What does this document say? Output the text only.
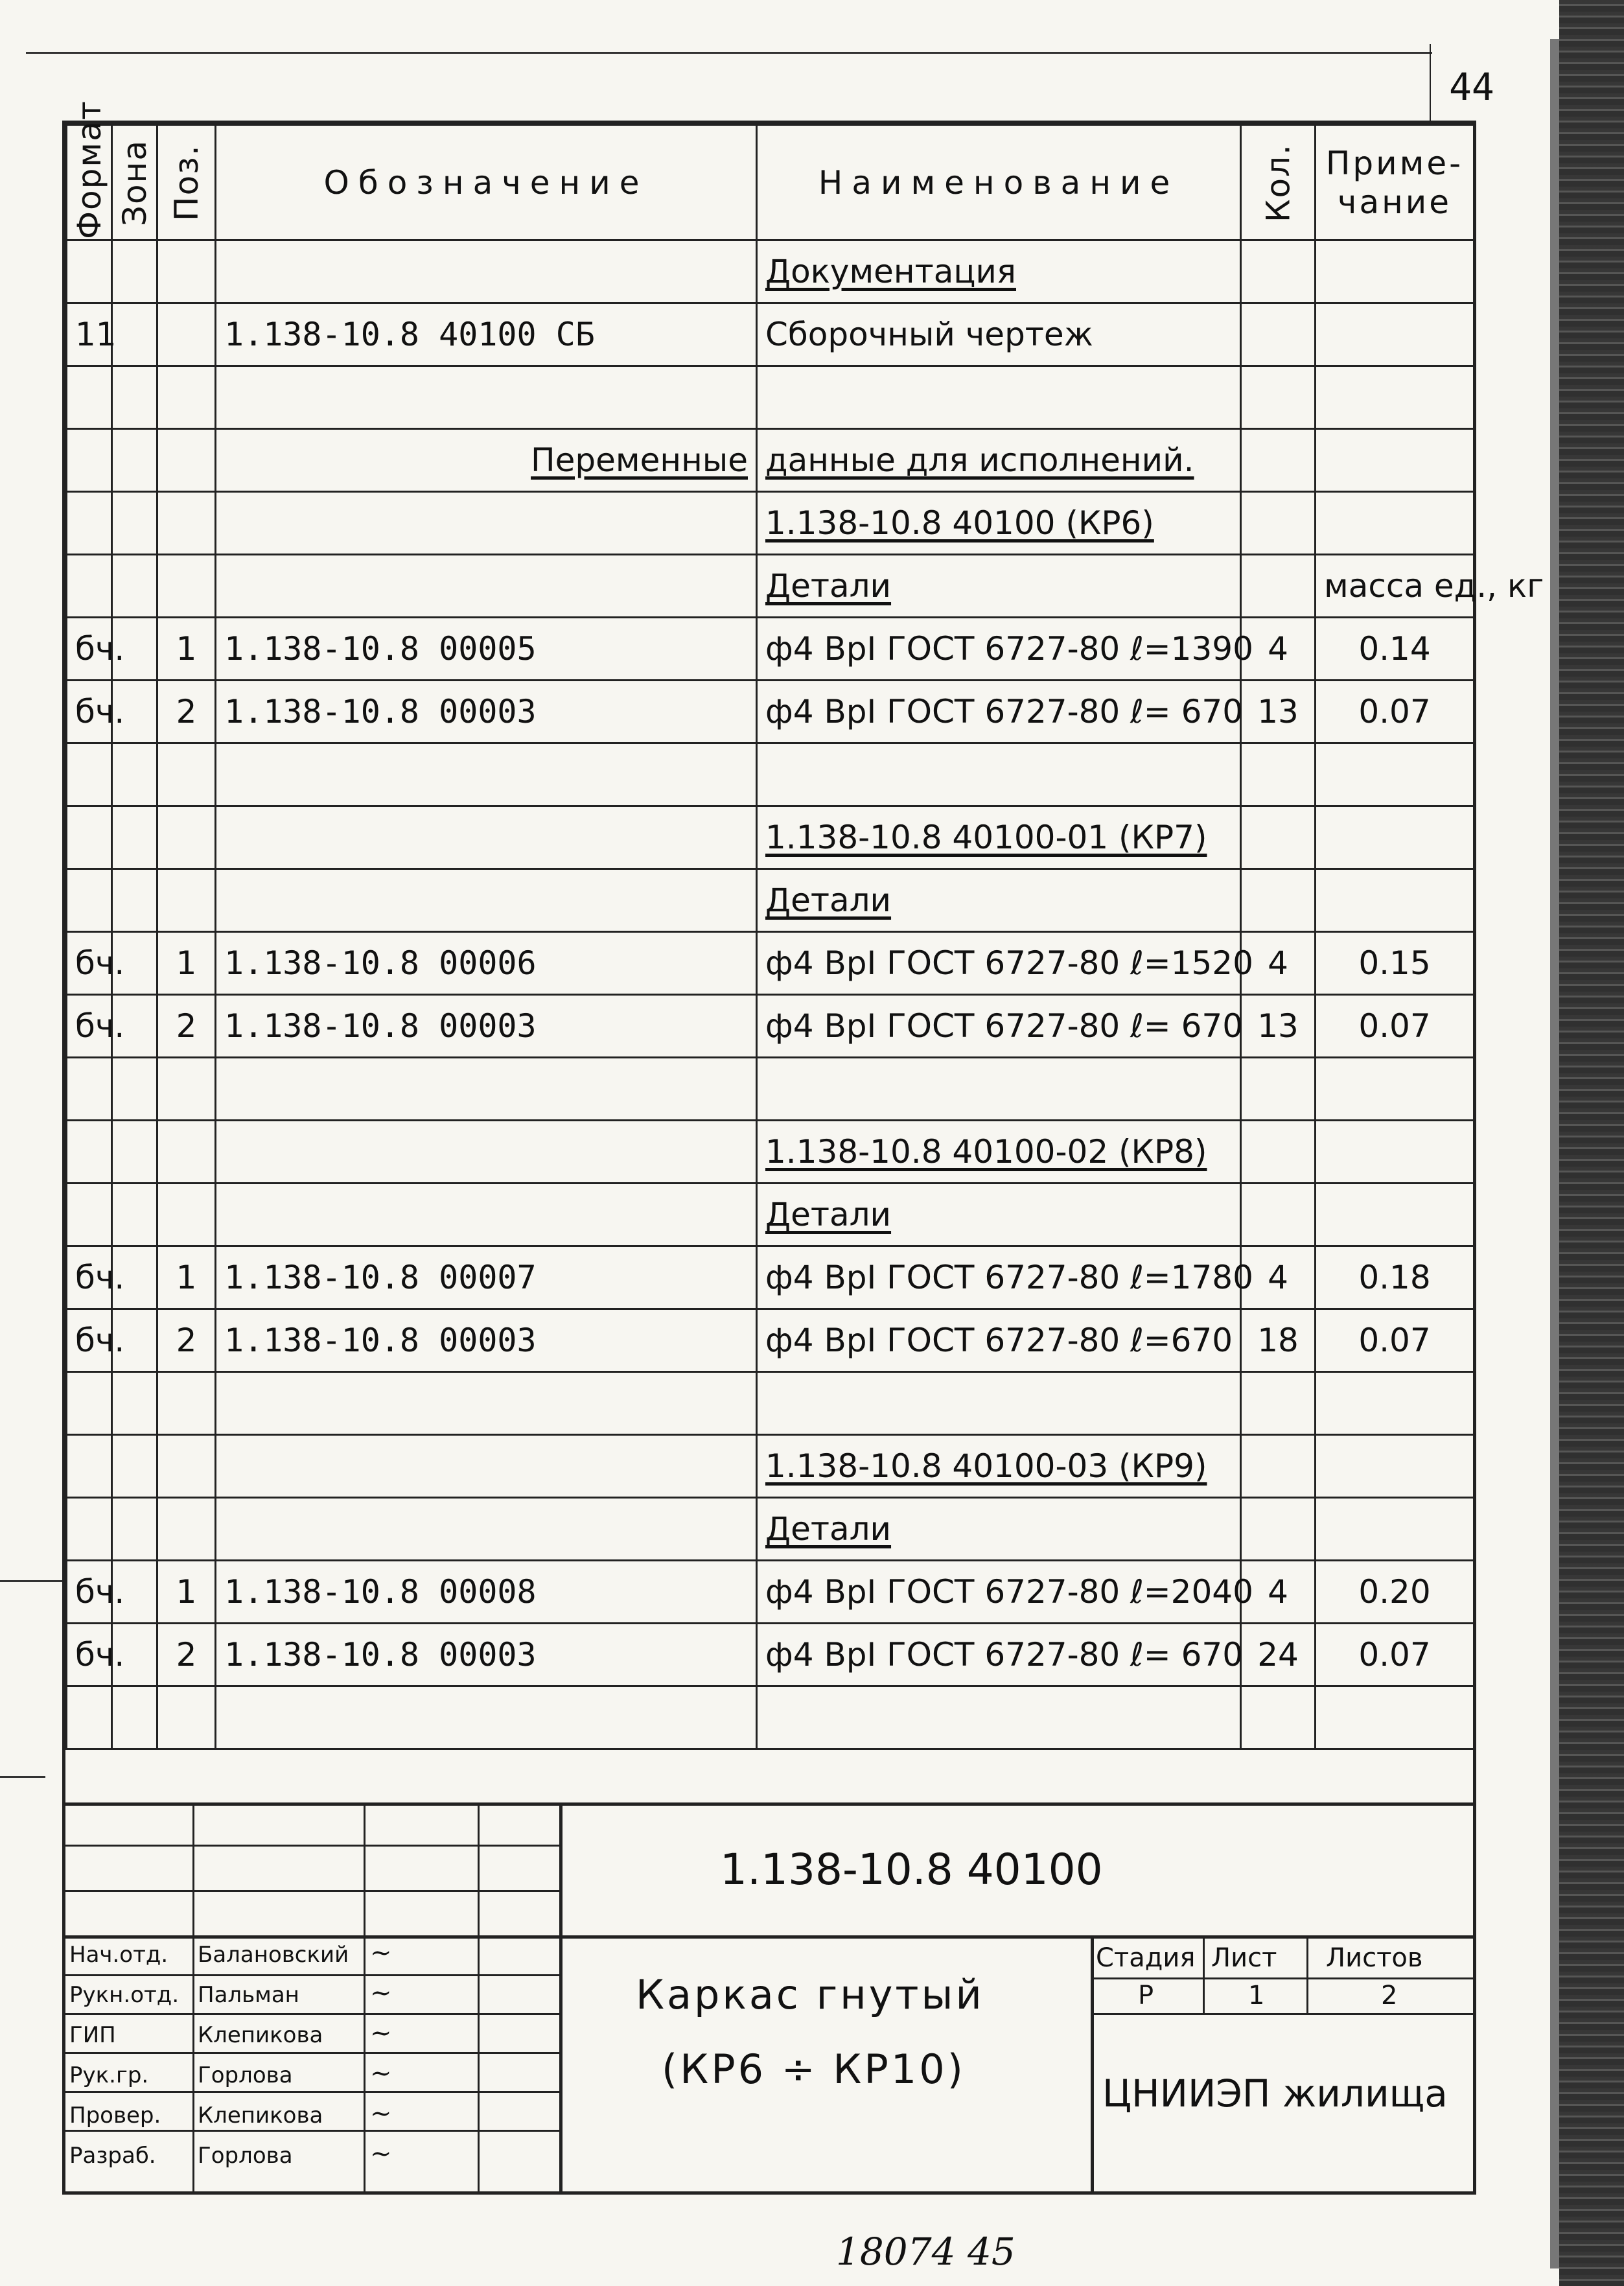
44
Формат	Зона	Поз.	Обозначение	Наименование	Кол.	Приме-чание
				Документация		
11			1.138-10.8 40100 СБ	Сборочный чертеж		

			Переменные	данные для исполнений.		
				1.138-10.8 40100 (КР6)		
				Детали		масса ед., кг
бч.		1	1.138-10.8 00005	ф4 ВрI ГОСТ 6727-80 ℓ=1390	4	0.14
бч.		2	1.138-10.8 00003	ф4 ВрI ГОСТ 6727-80 ℓ= 670	13	0.07

				1.138-10.8 40100-01 (КР7)		
				Детали		
бч.		1	1.138-10.8 00006	ф4 ВрI ГОСТ 6727-80 ℓ=1520	4	0.15
бч.		2	1.138-10.8 00003	ф4 ВрI ГОСТ 6727-80 ℓ= 670	13	0.07

				1.138-10.8 40100-02 (КР8)		
				Детали		
бч.		1	1.138-10.8 00007	ф4 ВрI ГОСТ 6727-80 ℓ=1780	4	0.18
бч.		2	1.138-10.8 00003	ф4 ВрI ГОСТ 6727-80 ℓ=670	18	0.07

				1.138-10.8 40100-03 (КР9)		
				Детали		
бч.		1	1.138-10.8 00008	ф4 ВрI ГОСТ 6727-80 ℓ=2040	4	0.20
бч.		2	1.138-10.8 00003	ф4 ВрI ГОСТ 6727-80 ℓ= 670	24	0.07

1.138-10.8 40100
Каркас гнутый
(КР6 ÷ КР10)
Стадия Лист Листов
Р	1	2
ЦНИИЭП жилища
Нач.отд. Балановский ~
Рукн.отд. Пальман	~
ГИП	Клепикова ~
Рук.гр. Горлова	~
Провер. Клепикова ~
Разраб. Горлова	~
18074 45
